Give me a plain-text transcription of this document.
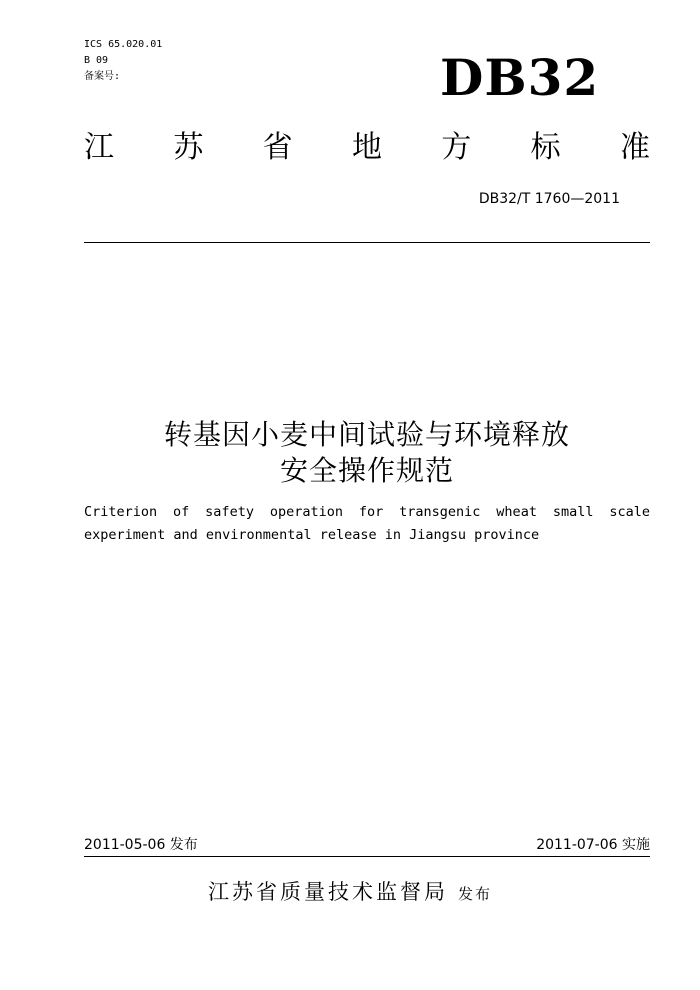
ICS 65.020.01
B 09
备案号:	DB32
江 苏 省 地 方 标 准
DB32/T 1760—2011
转基因小麦中间试验与环境释放
安全操作规范
Criterion of safety operation for transgenic wheat small scale
experiment and environmental release in Jiangsu province
2011-05-06 发布	2011-07-06 实施
江苏省质量技术监督局 发布
